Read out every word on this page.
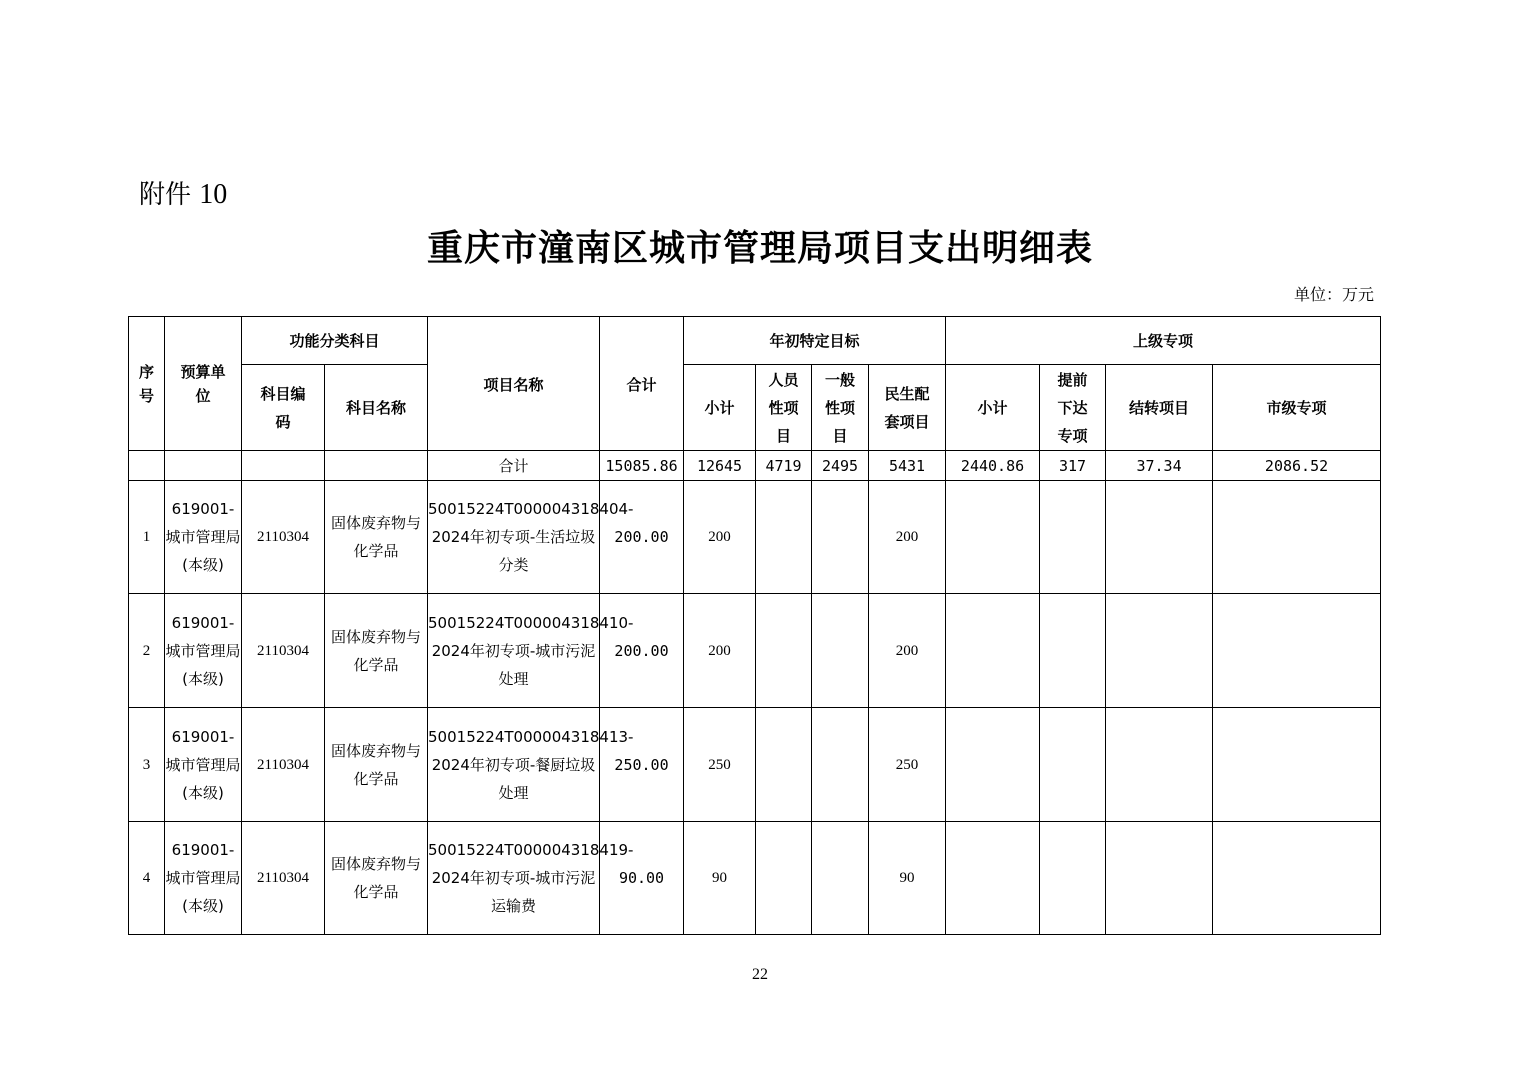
附件 10
重庆市潼南区城市管理局项目支出明细表
单位：万元
序号	预算单位	功能分类科目		项目名称	合计	年初特定目标				上级专项			

		科目编码	科目名称			小计	人员性项目	一般性项目	民生配套项目	小计	提前下达专项	结转项目	市级专项
				合计	15085.86	12645	4719	2495	5431	2440.86	317	37.34	2086.52
1	619001-城市管理局(本级)	2110304	固体废弃物与化学品	50015224T000004318404-2024年初专项-生活垃圾分类	200.00	200			200				
2	619001-城市管理局(本级)	2110304	固体废弃物与化学品	50015224T000004318410-2024年初专项-城市污泥处理	200.00	200			200				
3	619001-城市管理局(本级)	2110304	固体废弃物与化学品	50015224T000004318413-2024年初专项-餐厨垃圾处理	250.00	250			250				
4	619001-城市管理局(本级)	2110304	固体废弃物与化学品	50015224T000004318419-2024年初专项-城市污泥运输费	90.00	90			90				
22
